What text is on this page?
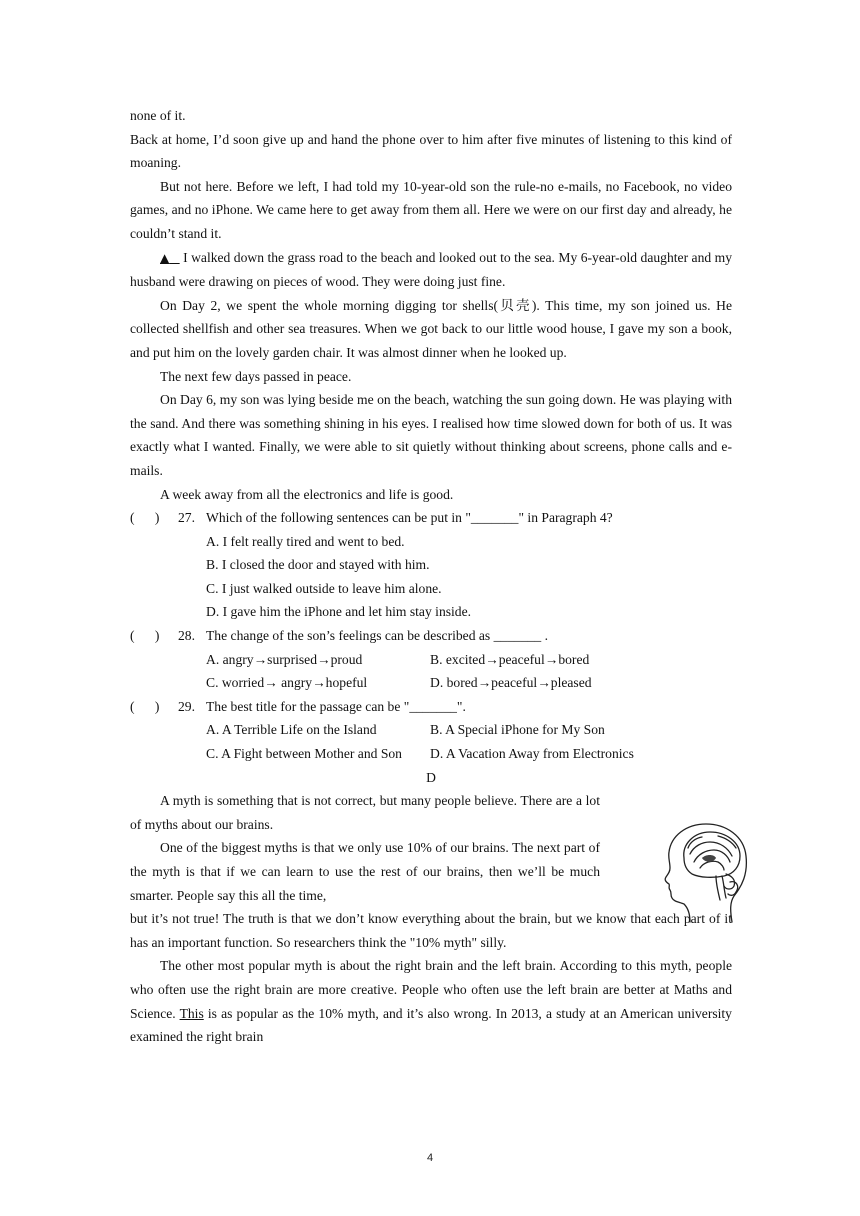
none of it.

Back at home, I’d soon give up and hand the phone over to him after five minutes of listening to this kind of moaning.

But not here. Before we left, I had told my 10-year-old son the rule-no e-mails, no Facebook, no video games, and no iPhone. We came here to get away from them all. Here we were on our first day and already, he couldn’t stand it.

▲    I walked down the grass road to the beach and looked out to the sea. My 6-year-old daughter and my husband were drawing on pieces of wood. They were doing just fine.

On Day 2, we spent the whole morning digging tor shells(贝壳). This time, my son joined us. He collected shellfish and other sea treasures. When we got back to our little wood house, I gave my son a book, and put him on the lovely garden chair. It was almost dinner when he looked up.

The next few days passed in peace.

On Day 6, my son was lying beside me on the beach, watching the sun going down. He was playing with the sand. And there was something shining in his eyes. I realised how time slowed down for both of us. It was exactly what I wanted. Finally, we were able to sit quietly without thinking about screens, phone calls and e-mails.

A week away from all the electronics and life is good.

(      )	27. Which of the following sentences can be put in "_______" in Paragraph 4?

A. I felt really tired and went to bed.

B. I closed the door and stayed with him.

C. I just walked outside to leave him alone.

D. I gave him the iPhone and let him stay inside.

(      )	28. The change of the son’s feelings can be described as _______ .
A. angry→surprised→proud	B. excited→peaceful→bored
C. worried→ angry→hopeful	D. bored→peaceful→pleased
(      )	29. The best title for the passage can be "_______".
A. A Terrible Life on the Island	B. A Special iPhone for My Son
C. A Fight between Mother and Son	D. A Vacation Away from Electronics

D

A myth is something that is not correct, but many people believe. There are a lot of myths about our brains.

One of the biggest myths is that we only use 10% of our brains. The next part of the myth is that if we can learn to use the rest of our brains, then we’ll be much smarter. People say this all the time,

but it’s not true! The truth is that we don’t know everything about the brain, but we know that each part of it has an important function. So researchers think the "10% myth" silly.

The other most popular myth is about the right brain and the left brain. According to this myth, people who often use the right brain are more creative. People who often use the left brain are better at Maths and Science. This is as popular as the 10% myth, and it’s also wrong. In 2013, a study at an American university examined the right brain

4
